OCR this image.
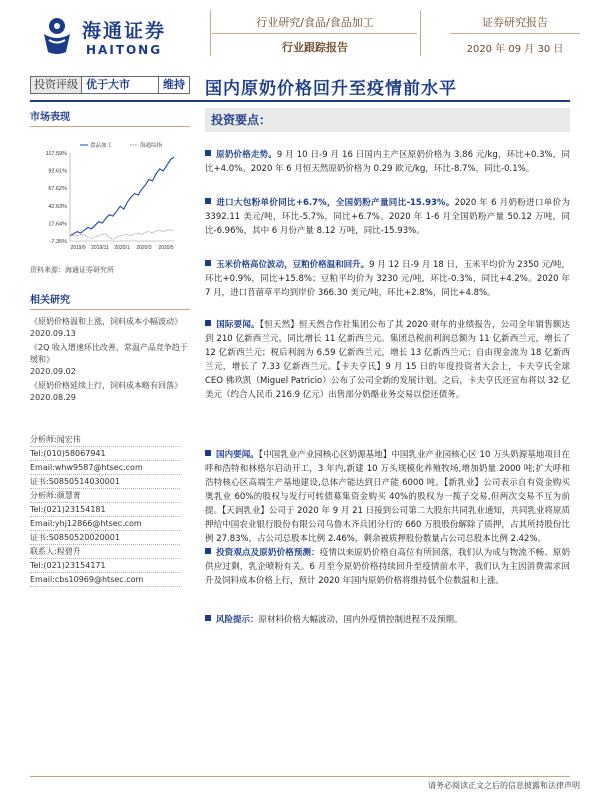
海通证券
HAITONG
行业研究/食品/食品加工
行业跟踪报告
证券研究报告
2020 年 09 月 30 日
投资评级 优于大市	维持 国内原奶价格回升至疫情前水平
市场表现
117.59%
92.61%
67.62%
42.63%
17.64%
-7.35%
2019/9 2019/11 2020/1 2020/3 2020/5
食品加工	海通综指
资料来源：海通证券研究所
相关研究
《原奶价格温和上涨，饲料成本小幅波动》
2020.09.13
《2Q 收入增速环比改善，常温产品竞争趋于缓和》
2020.09.02
《原奶价格延续上行，饲料成本略有回落》
2020.08.29
分析师:闻宏伟
Tel:(010)58067941
Email:whw9587@htsec.com
证书:S0850514030001
分析师:颜慧菁
Tel:(021)23154181
Email:yhj12866@htsec.com
证书:S0850520020001
联系人:程碧升
Tel:(021)23154171
Email:cbs10969@htsec.com
投资要点：
原奶价格走势。9 月 10 日-9 月 16 日国内主产区原奶价格为 3.86 元/kg，环比+0.3%，同比+4.0%。2020 年 6 月恒天然原奶价格为 0.29 欧元/kg，环比-8.7%，同比-0.1%。
进口大包粉单价同比+6.7%，全国奶粉产量同比-15.93%。2020 年 6 月奶粉进口单价为 3392.11 美元/吨，环比-5.7%，同比+6.7%。2020 年 1-6 月全国奶粉产量 50.12 万吨，同比-6.96%，其中 6 月份产量 8.12 万吨，同比-15.93%。
玉米价格高位波动，豆粕价格温和回升。9 月 12 日-9 月 18 日，玉米平均价为 2350 元/吨，环比+0.9%，同比+15.8%；豆粕平均价为 3230 元/吨，环比-0.3%，同比+4.2%。2020 年 7 月，进口苜蓿草平均到岸价 366.30 美元/吨，环比+2.8%，同比+4.8%。
国际要闻。【恒天然】恒天然合作社集团公布了其 2020 财年的业绩报告，公司全年销售额达到 210 亿新西兰元，同比增长 11 亿新西兰元。集团总税前利润总额为 11 亿新西兰元，增长了 12 亿新西兰元；税后利润为 6.59 亿新西兰元，增长 13 亿新西兰元；自由现金流为 18 亿新西兰元，增长了 7.33 亿新西兰元。【卡夫亨氏】9 月 15 日的年度投资者大会上，卡夫亨氏全球 CEO 佛玖凯（Miguel Patricio）公布了公司全新的发展计划。之后，卡夫亨氏还宣布将以 32 亿美元（约合人民币 216.9 亿元）出售部分奶酪业务交易以偿还债务。
国内要闻。【中国乳业产业园核心区奶源基地】中国乳业产业园核心区 10 万头奶源基地项目在呼和浩特和林格尔启动开工，3 年内,新建 10 万头规模化养殖牧场,增加奶量 2000 吨;扩大呼和浩特核心区高端生产基地建设,总体产能达到日产能 6000 吨。【新乳业】公司表示自有资金购买奥乳业 60%的股权与发行可转债募集资金购买 40%的股权为一揽子交易,但两次交易不互为前提。【天润乳业】公司于 2020 年 9 月 21 日接到公司第二大股东共同乳业通知，共同乳业将原质押给中国农业银行股份有限公司乌鲁木齐兵团分行的 660 万股股份解除了质押，占其所持股份比例 27.83%，占公司总股本比例 2.46%，剩余被质押股份数量占公司总股本比例 2.42%。
投资观点及原奶价格预测：疫情以来原奶价格自高位有所回落，我们认为成与物流不畅、原奶供应过剩，乳企喷粉有关。6 月至今原奶价格持续回升至疫情前水平，我们认为主因消费需求回升及饲料成本价格上行，预计 2020 年国内原奶价格将维持低个位数温和上涨。
风险提示：原材料价格大幅波动，国内外疫情控制进程不及预期。
请务必阅读正文之后的信息披露和法律声明
